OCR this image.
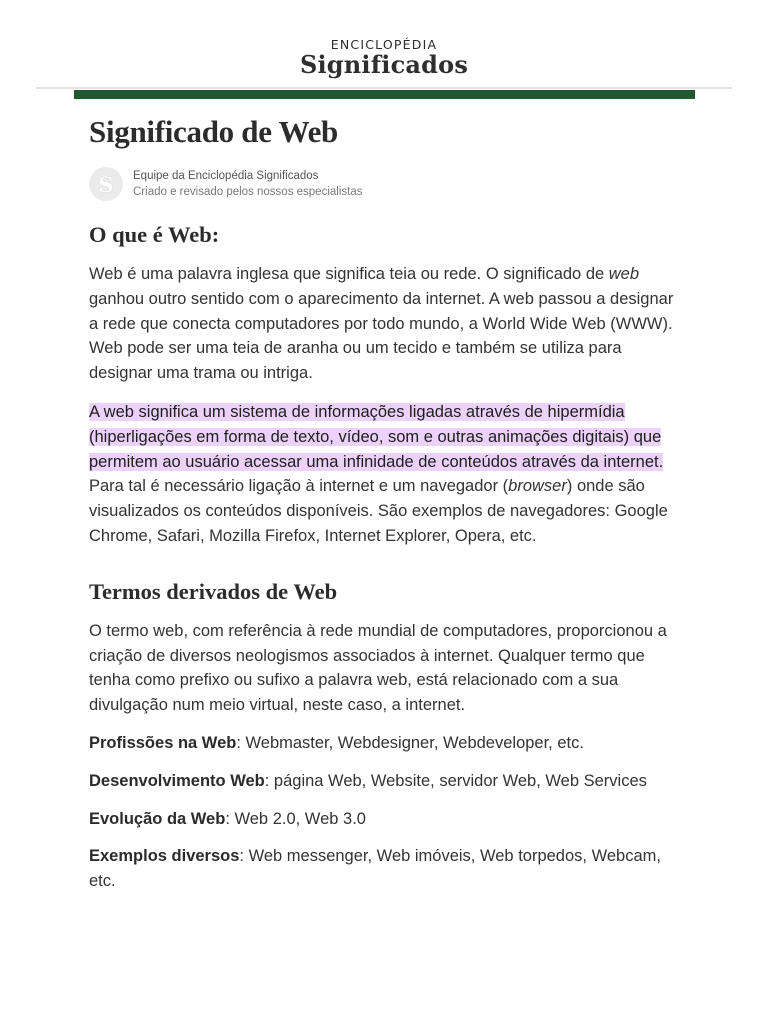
ENCICLOPÉDIA
Significados
Significado de Web
S Equipe da Enciclopédia Significados
Criado e revisado pelos nossos especialistas
O que é Web:

Web é uma palavra inglesa que significa teia ou rede. O significado de web ganhou outro sentido com o aparecimento da internet. A web passou a designar a rede que conecta computadores por todo mundo, a World Wide Web (WWW). Web pode ser uma teia de aranha ou um tecido e também se utiliza para designar uma trama ou intriga.

A web significa um sistema de informações ligadas através de hipermídia (hiperligações em forma de texto, vídeo, som e outras animações digitais) que permitem ao usuário acessar uma infinidade de conteúdos através da internet. Para tal é necessário ligação à internet e um navegador (browser) onde são visualizados os conteúdos disponíveis. São exemplos de navegadores: Google Chrome, Safari, Mozilla Firefox, Internet Explorer, Opera, etc.

Termos derivados de Web

O termo web, com referência à rede mundial de computadores, proporcionou a criação de diversos neologismos associados à internet. Qualquer termo que tenha como prefixo ou sufixo a palavra web, está relacionado com a sua divulgação num meio virtual, neste caso, a internet.

Profissões na Web: Webmaster, Webdesigner, Webdeveloper, etc.

Desenvolvimento Web: página Web, Website, servidor Web, Web Services

Evolução da Web: Web 2.0, Web 3.0

Exemplos diversos: Web messenger, Web imóveis, Web torpedos, Webcam, etc.
